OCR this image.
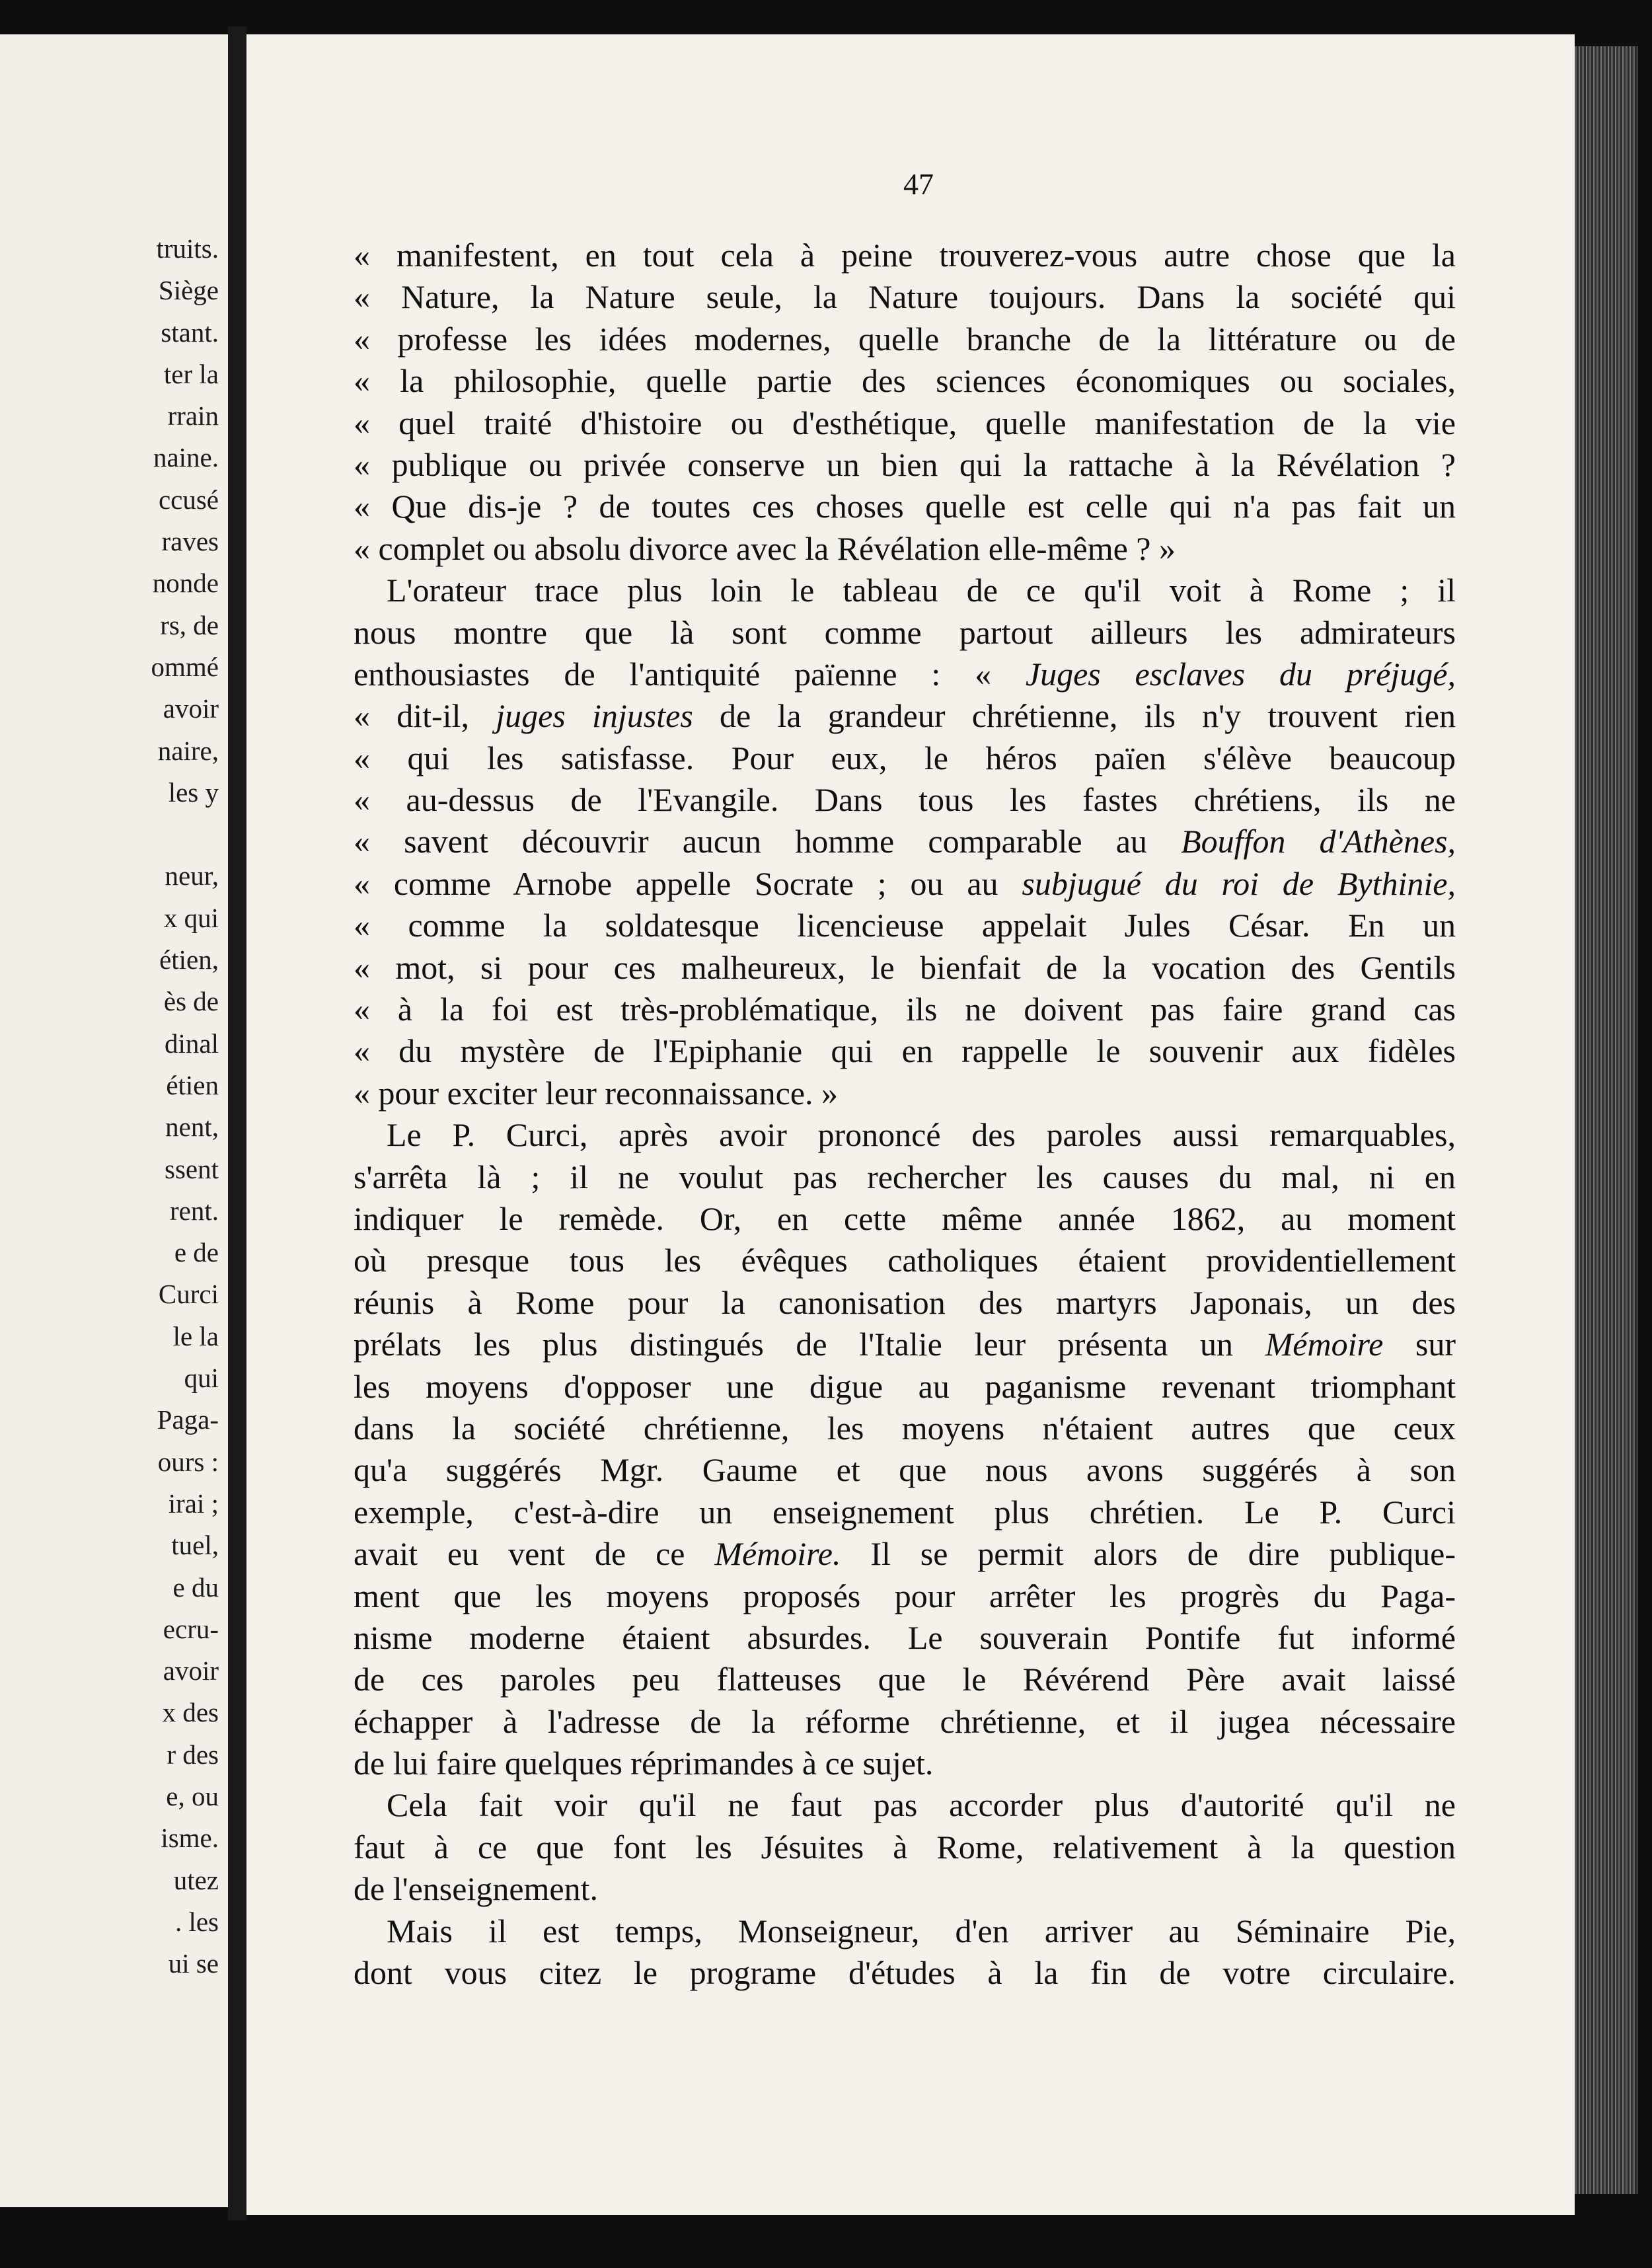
truits.
Siège
stant.
ter la
rrain
naine.
ccusé
raves
nonde
rs, de
ommé
avoir
naire,
les y
neur,
x qui
étien,
ès de
dinal
étien
nent,
ssent
rent.
e de
Curci
le la
qui
Paga-
ours :
irai ;
tuel,
e du
ecru-
avoir
x des
r des
e, ou
isme.
utez
. les
ui se
47
« manifestent, en tout cela à peine trouverez-vous autre chose que la
« Nature, la Nature seule, la Nature toujours. Dans la société qui
« professe les idées modernes, quelle branche de la littérature ou de
« la philosophie, quelle partie des sciences économiques ou sociales,
« quel traité d'histoire ou d'esthétique, quelle manifestation de la vie
« publique ou privée conserve un bien qui la rattache à la Révélation ?
« Que dis-je ? de toutes ces choses quelle est celle qui n'a pas fait un
« complet ou absolu divorce avec la Révélation elle-même ? »
L'orateur trace plus loin le tableau de ce qu'il voit à Rome ; il
nous montre que là sont comme partout ailleurs les admirateurs
enthousiastes de l'antiquité païenne : « Juges esclaves du préjugé,
« dit-il, juges injustes de la grandeur chrétienne, ils n'y trouvent rien
« qui les satisfasse. Pour eux, le héros païen s'élève beaucoup
« au-dessus de l'Evangile. Dans tous les fastes chrétiens, ils ne
« savent découvrir aucun homme comparable au Bouffon d'Athènes,
« comme Arnobe appelle Socrate ; ou au subjugué du roi de Bythinie,
« comme la soldatesque licencieuse appelait Jules César. En un
« mot, si pour ces malheureux, le bienfait de la vocation des Gentils
« à la foi est très-problématique, ils ne doivent pas faire grand cas
« du mystère de l'Epiphanie qui en rappelle le souvenir aux fidèles
« pour exciter leur reconnaissance. »
Le P. Curci, après avoir prononcé des paroles aussi remarquables,
s'arrêta là ; il ne voulut pas rechercher les causes du mal, ni en
indiquer le remède. Or, en cette même année 1862, au moment
où presque tous les évêques catholiques étaient providentiellement
réunis à Rome pour la canonisation des martyrs Japonais, un des
prélats les plus distingués de l'Italie leur présenta un Mémoire sur
les moyens d'opposer une digue au paganisme revenant triomphant
dans la société chrétienne, les moyens n'étaient autres que ceux
qu'a suggérés Mgr. Gaume et que nous avons suggérés à son
exemple, c'est-à-dire un enseignement plus chrétien. Le P. Curci
avait eu vent de ce Mémoire. Il se permit alors de dire publique-
ment que les moyens proposés pour arrêter les progrès du Paga-
nisme moderne étaient absurdes. Le souverain Pontife fut informé
de ces paroles peu flatteuses que le Révérend Père avait laissé
échapper à l'adresse de la réforme chrétienne, et il jugea nécessaire
de lui faire quelques réprimandes à ce sujet.
Cela fait voir qu'il ne faut pas accorder plus d'autorité qu'il ne
faut à ce que font les Jésuites à Rome, relativement à la question
de l'enseignement.
Mais il est temps, Monseigneur, d'en arriver au Séminaire Pie,
dont vous citez le programe d'études à la fin de votre circulaire.
